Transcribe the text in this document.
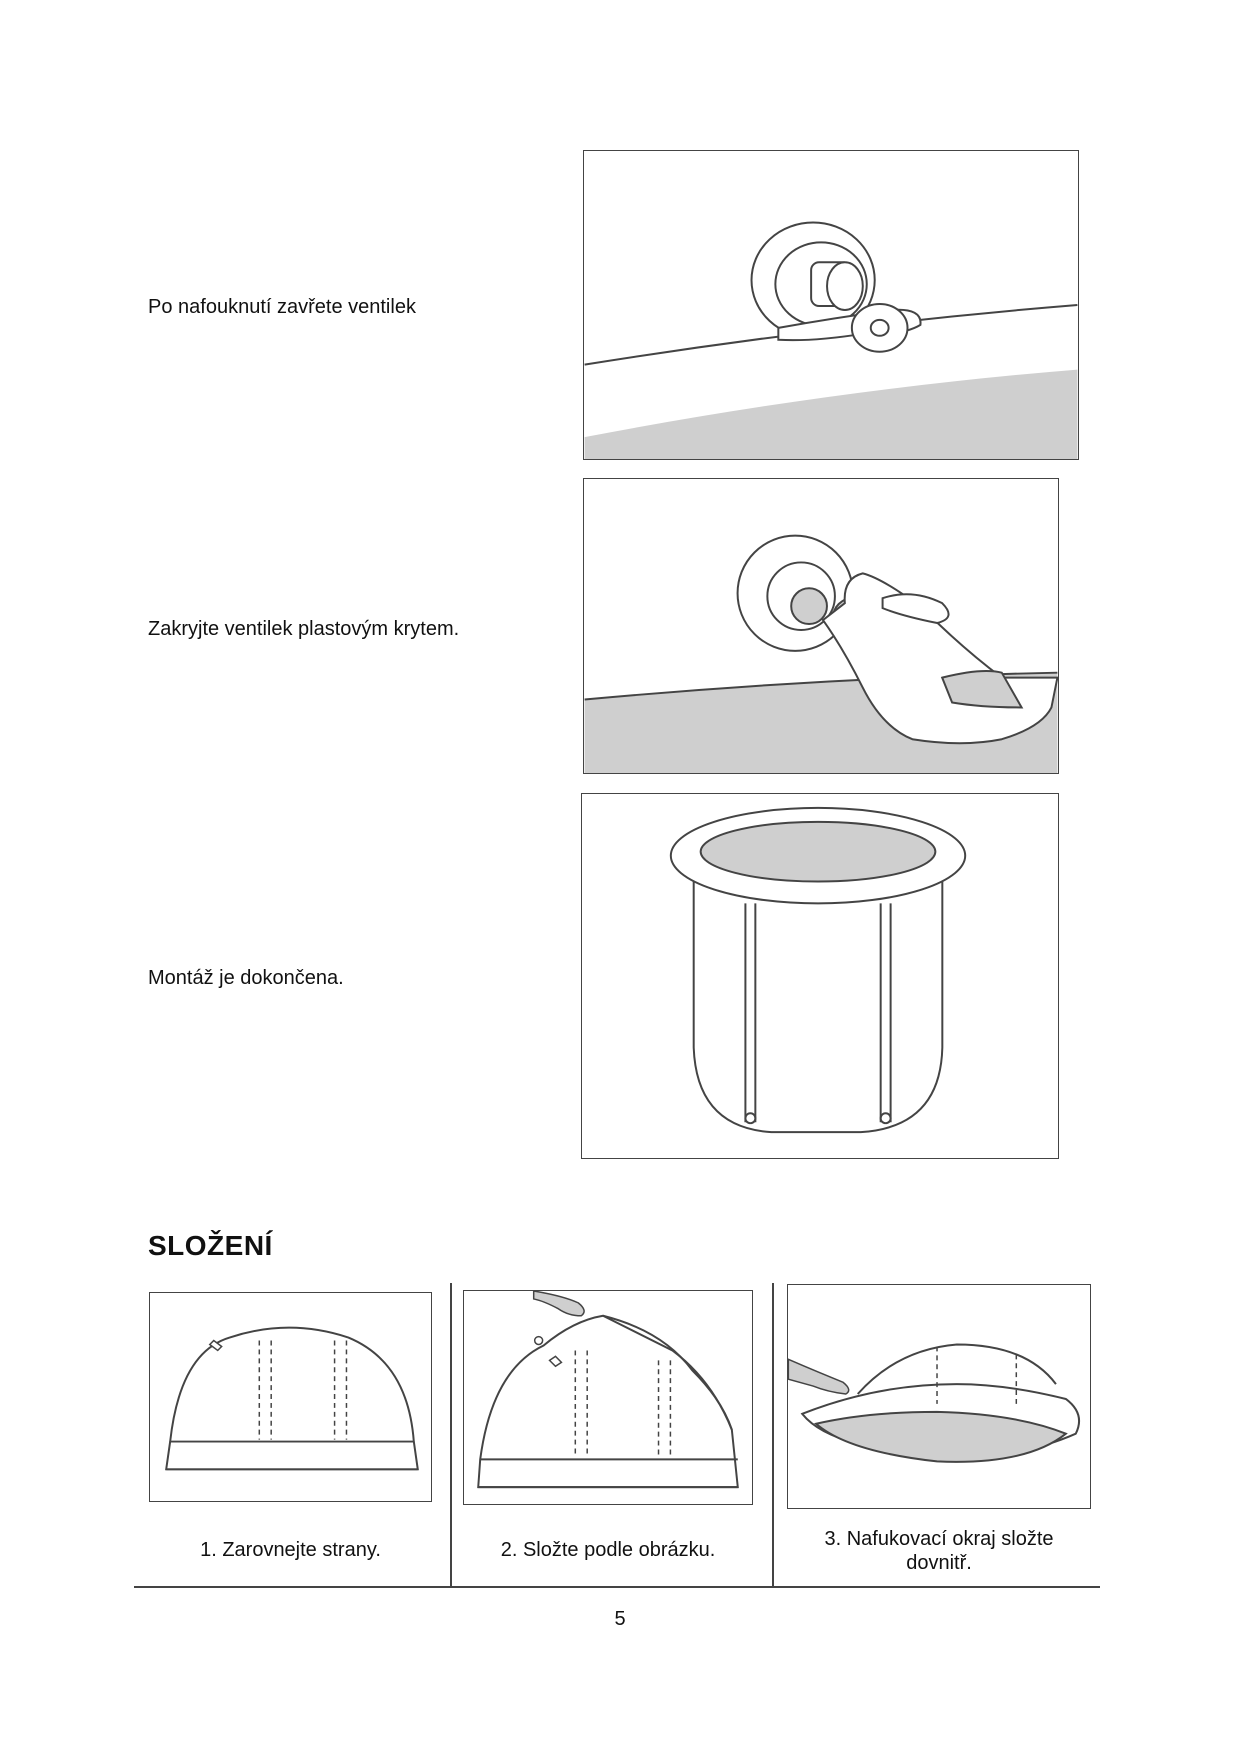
Po nafouknutí zavřete ventilek
Zakryjte ventilek plastovým krytem.
Montáž je dokončena.
SLOŽENÍ
1. Zarovnejte strany.	2. Složte podle obrázku.	3. Nafukovací okraj složte
dovnitř.
5
